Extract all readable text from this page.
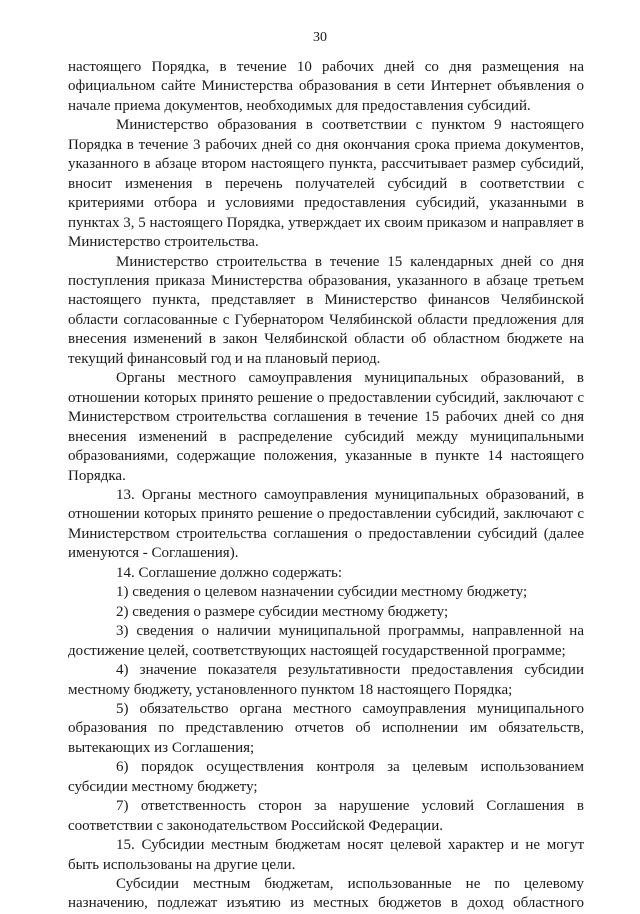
30

настоящего Порядка, в течение 10 рабочих дней со дня размещения на официальном сайте Министерства образования в сети Интернет объявления о начале приема документов, необходимых для предоставления субсидий.

Министерство образования в соответствии с пунктом 9 настоящего Порядка в течение 3 рабочих дней со дня окончания срока приема документов, указанного в абзаце втором настоящего пункта, рассчитывает размер субсидий, вносит изменения в перечень получателей субсидий в соответствии с критериями отбора и условиями предоставления субсидий, указанными в пунктах 3, 5 настоящего Порядка, утверждает их своим приказом и направляет в Министерство строительства.

Министерство строительства в течение 15 календарных дней со дня поступления приказа Министерства образования, указанного в абзаце третьем настоящего пункта, представляет в Министерство финансов Челябинской области согласованные с Губернатором Челябинской области предложения для внесения изменений в закон Челябинской области об областном бюджете на текущий финансовый год и на плановый период.

Органы местного самоуправления муниципальных образований, в отношении которых принято решение о предоставлении субсидий, заключают с Министерством строительства соглашения в течение 15 рабочих дней со дня внесения изменений в распределение субсидий между муниципальными образованиями, содержащие положения, указанные в пункте 14 настоящего Порядка.

13. Органы местного самоуправления муниципальных образований, в отношении которых принято решение о предоставлении субсидий, заключают с Министерством строительства соглашения о предоставлении субсидий (далее именуются - Соглашения).

14. Соглашение должно содержать:

1) сведения о целевом назначении субсидии местному бюджету;

2) сведения о размере субсидии местному бюджету;

3) сведения о наличии муниципальной программы, направленной на достижение целей, соответствующих настоящей государственной программе;

4) значение показателя результативности предоставления субсидии местному бюджету, установленного пунктом 18 настоящего Порядка;

5) обязательство органа местного самоуправления муниципального образования по представлению отчетов об исполнении им обязательств, вытекающих из Соглашения;

6) порядок осуществления контроля за целевым использованием субсидии местному бюджету;

7) ответственность сторон за нарушение условий Соглашения в соответствии с законодательством Российской Федерации.

15. Субсидии местным бюджетам носят целевой характер и не могут быть использованы на другие цели.

Субсидии местным бюджетам, использованные не по целевому назначению, подлежат изъятию из местных бюджетов в доход областного
